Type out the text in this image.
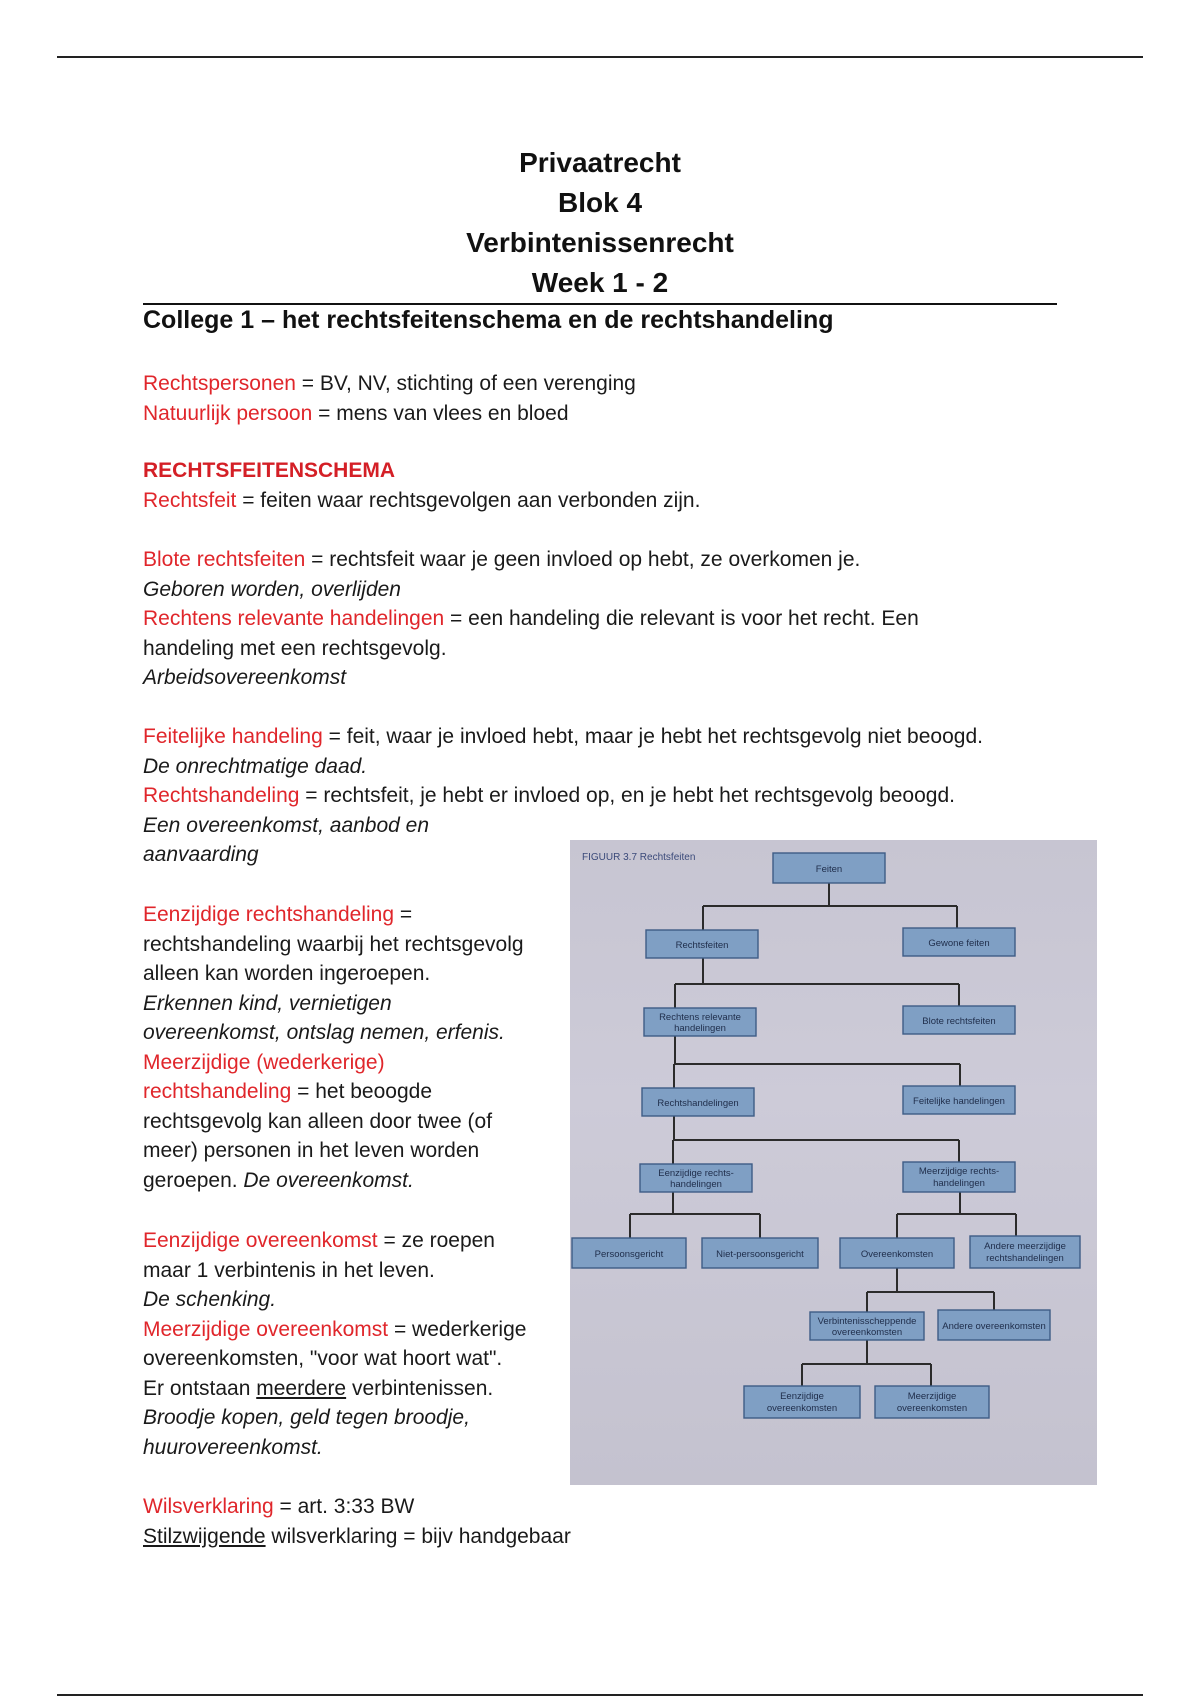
Privaatrecht
Blok 4
Verbintenissenrecht
Week 1 - 2
College 1 – het rechtsfeitenschema en de rechtshandeling
Rechtspersonen = BV, NV, stichting of een verenging
Natuurlijk persoon = mens van vlees en bloed
RECHTSFEITENSCHEMA
Rechtsfeit = feiten waar rechtsgevolgen aan verbonden zijn.
Blote rechtsfeiten = rechtsfeit waar je geen invloed op hebt, ze overkomen je.
Geboren worden, overlijden
Rechtens relevante handelingen = een handeling die relevant is voor het recht. Een
handeling met een rechtsgevolg.
Arbeidsovereenkomst
Feitelijke handeling = feit, waar je invloed hebt, maar je hebt het rechtsgevolg niet beoogd.
De onrechtmatige daad.
Rechtshandeling = rechtsfeit, je hebt er invloed op, en je hebt het rechtsgevolg beoogd.
Een overeenkomst, aanbod en
aanvaarding
Eenzijdige rechtshandeling =
rechtshandeling waarbij het rechtsgevolg
alleen kan worden ingeroepen.
Erkennen kind, vernietigen
overeenkomst, ontslag nemen, erfenis.
Meerzijdige (wederkerige)
rechtshandeling = het beoogde
rechtsgevolg kan alleen door twee (of
meer) personen in het leven worden
geroepen. De overeenkomst.
Eenzijdige overeenkomst = ze roepen
maar 1 verbintenis in het leven.
De schenking.
Meerzijdige overeenkomst = wederkerige
overeenkomsten, "voor wat hoort wat".
Er ontstaan meerdere verbintenissen.
Broodje kopen, geld tegen broodje,
huurovereenkomst.
Wilsverklaring = art. 3:33 BW
Stilzwijgende wilsverklaring = bijv handgebaar
FIGUUR 3.7 Rechtsfeiten
Feiten
Rechtsfeiten	Gewone feiten
Rechtens relevante
handelingen
Blote rechtsfeiten
Rechtshandelingen	Feitelijke handelingen
Eenzijdige rechts-
handelingen
Meerzijdige rechts-
handelingen
Persoonsgericht	Niet-persoonsgericht	Overeenkomsten
Andere meerzijdige
rechtshandelingen
Verbintenisscheppende
overeenkomsten
Andere overeenkomsten
Eenzijdige
overeenkomsten
Meerzijdige
overeenkomsten
